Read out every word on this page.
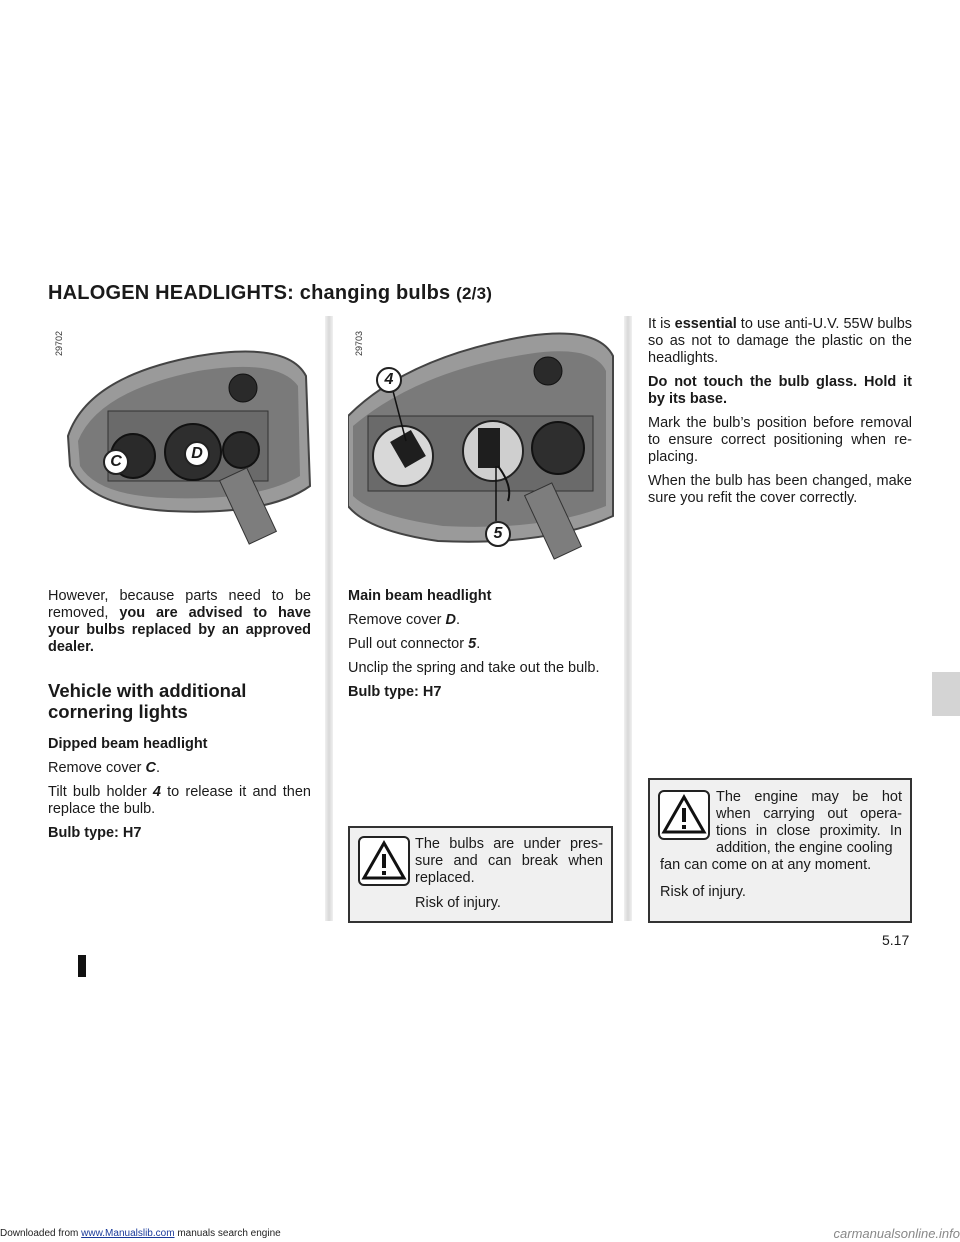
HALOGEN HEADLIGHTS: changing bulbs (2/3)
29702
C	D
29703
4
5

However, because parts need to be removed, you are advised to have your bulbs replaced by an approved dealer.

Vehicle with additional
cornering lights

Dipped beam headlight

Remove cover C.

Tilt bulb holder 4 to release it and then replace the bulb.

Bulb type: H7

Main beam headlight

Remove cover D.

Pull out connector 5.

Unclip the spring and take out the bulb.

Bulb type: H7

The bulbs are under pres-sure and can break when replaced.

Risk of injury.

It is essential to use anti-U.V. 55W bulbs so as not to damage the plastic on the headlights.

Do not touch the bulb glass. Hold it by its base.

Mark the bulb’s position before removal to ensure correct positioning when re-placing.

When the bulb has been changed, make sure you refit the cover correctly.

The engine may be hot when carrying out opera-tions in close proximity. In addition, the engine cooling

fan can come on at any moment.

Risk of injury.

5.17
Downloaded from www.Manualslib.com manuals search engine	carmanualsonline.info
